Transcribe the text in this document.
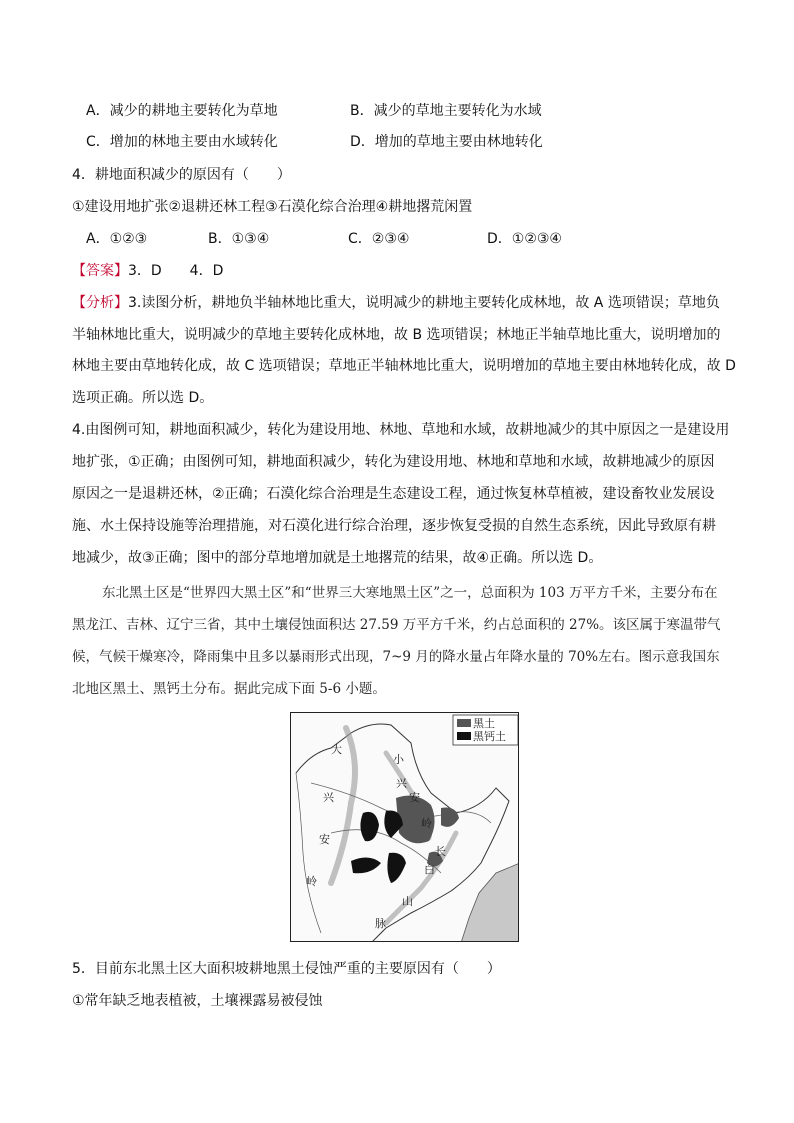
A．减少的耕地主要转化为草地	B．减少的草地主要转化为水域
C．增加的林地主要由水域转化	D．增加的草地主要由林地转化
4．耕地面积减少的原因有（　　）
①建设用地扩张②退耕还林工程③石漠化综合治理④耕地撂荒闲置
A．①②③	B．①③④	C．②③④	D．①②③④
【答案】3．D　　4．D
【分析】3.读图分析，耕地负半轴林地比重大，说明减少的耕地主要转化成林地，故 A 选项错误；草地负
半轴林地比重大，说明减少的草地主要转化成林地，故 B 选项错误；林地正半轴草地比重大，说明增加的
林地主要由草地转化成，故 C 选项错误；草地正半轴林地比重大，说明增加的草地主要由林地转化成，故 D
选项正确。所以选 D。
4.由图例可知，耕地面积减少，转化为建设用地、林地、草地和水域，故耕地减少的其中原因之一是建设用
地扩张，①正确；由图例可知，耕地面积减少，转化为建设用地、林地和草地和水域，故耕地减少的原因
原因之一是退耕还林，②正确；石漠化综合治理是生态建设工程，通过恢复林草植被，建设畜牧业发展设
施、水土保持设施等治理措施，对石漠化进行综合治理，逐步恢复受损的自然生态系统，因此导致原有耕
地减少，故③正确；图中的部分草地增加就是土地撂荒的结果，故④正确。所以选 D。
东北黑土区是“世界四大黑土区”和“世界三大寒地黑土区”之一，总面积为 103 万平方千米，主要分布在
黑龙江、吉林、辽宁三省，其中土壤侵蚀面积达 27.59 万平方千米，约占总面积的 27%。该区属于寒温带气
候，气候干燥寒冷，降雨集中且多以暴雨形式出现，7~9 月的降水量占年降水量的 70%左右。图示意我国东
北地区黑土、黑钙土分布。据此完成下面 5-6 小题。
黑土
黑钙土
大
兴
安
岭
小
兴
安
岭
长
白
山
脉
5．目前东北黑土区大面积坡耕地黑土侵蚀严重的主要原因有（　　）
①常年缺乏地表植被，土壤裸露易被侵蚀
